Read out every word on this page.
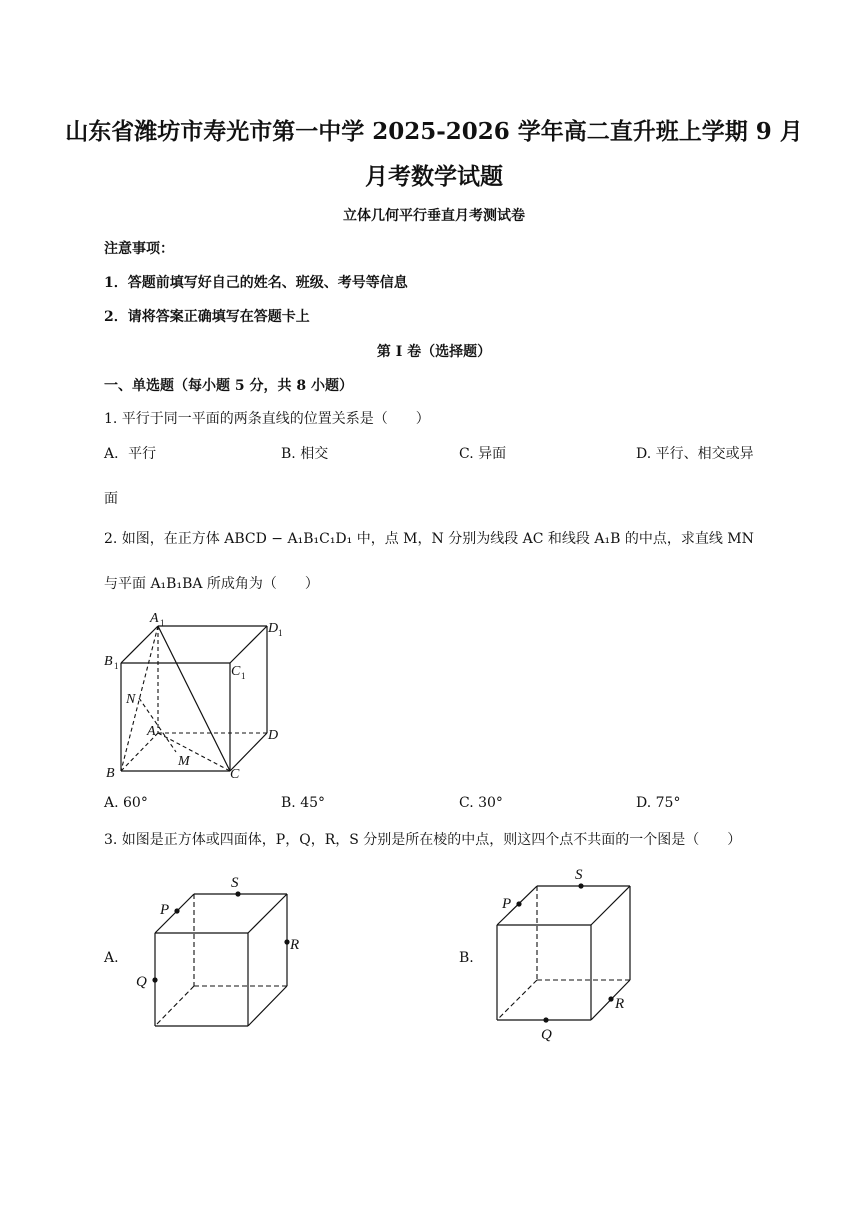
山东省潍坊市寿光市第一中学 2025-2026 学年高二直升班上学期 9 月
月考数学试题
立体几何平行垂直月考测试卷
注意事项：
1．答题前填写好自己的姓名、班级、考号等信息
2．请将答案正确填写在答题卡上
第 I 卷（选择题）
一、单选题（每小题 5 分，共 8 小题）
1. 平行于同一平面的两条直线的位置关系是（　　）
A．平行	B. 相交	C. 异面	D. 平行、相交或异
面
2. 如图，在正方体 ABCD − A₁B₁C₁D₁ 中，点 M，N 分别为线段 AC 和线段 A₁B 的中点，求直线 MN
与平面 A₁B₁BA 所成角为（　　）
A 1	D 1
B 1	C 1
N
A	D
B
M
C
A. 60°	B. 45°	C. 30°	D. 75°
3. 如图是正方体或四面体，P，Q，R，S 分别是所在棱的中点，则这四个点不共面的一个图是（　　）
A.
P
S
R
Q
B.
P
S
R
Q
